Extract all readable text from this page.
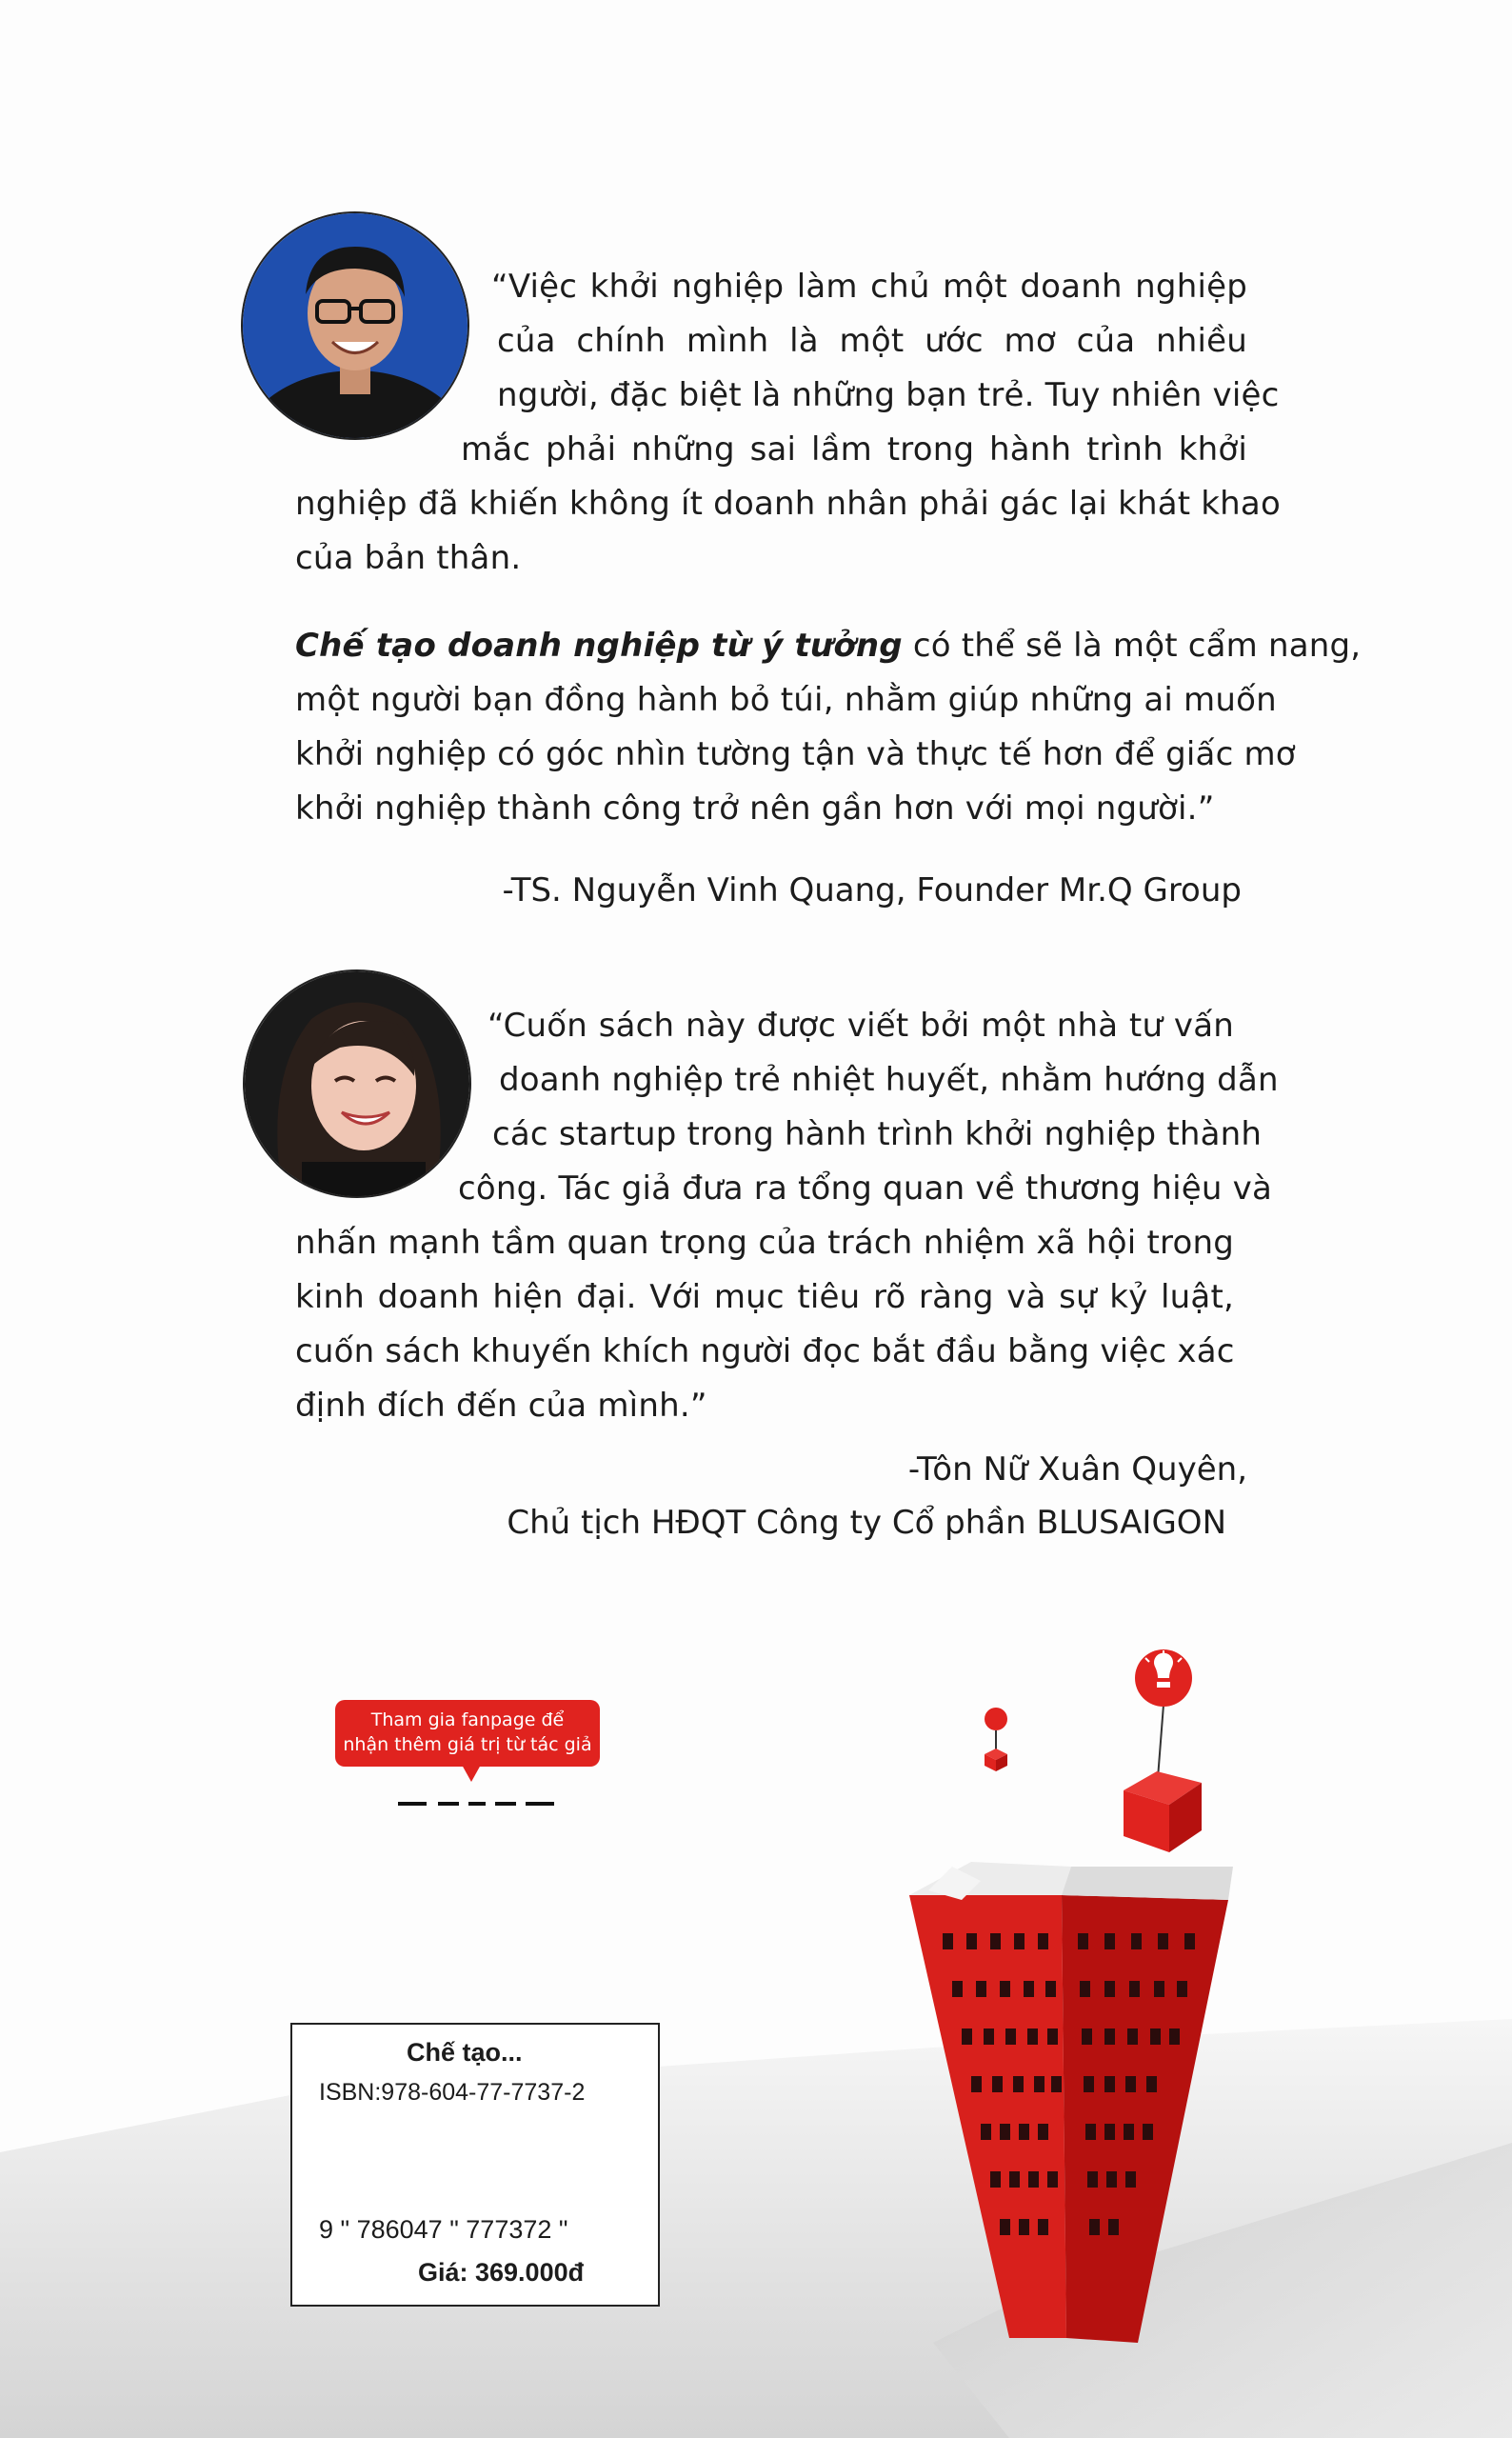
“Việc khởi nghiệp làm chủ một doanh nghiệp
của chính mình là một ước mơ của nhiều
người, đặc biệt là những bạn trẻ. Tuy nhiên việc
mắc phải những sai lầm trong hành trình khởi
nghiệp đã khiến không ít doanh nhân phải gác lại khát khao
của bản thân.
Chế tạo doanh nghiệp từ ý tưởng có thể sẽ là một cẩm nang,
một người bạn đồng hành bỏ túi, nhằm giúp những ai muốn
khởi nghiệp có góc nhìn tường tận và thực tế hơn để giấc mơ
khởi nghiệp thành công trở nên gần hơn với mọi người.”
-TS. Nguyễn Vinh Quang, Founder Mr.Q Group
“Cuốn sách này được viết bởi một nhà tư vấn
doanh nghiệp trẻ nhiệt huyết, nhằm hướng dẫn
các startup trong hành trình khởi nghiệp thành
công. Tác giả đưa ra tổng quan về thương hiệu và
nhấn mạnh tầm quan trọng của trách nhiệm xã hội trong
kinh doanh hiện đại. Với mục tiêu rõ ràng và sự kỷ luật,
cuốn sách khuyến khích người đọc bắt đầu bằng việc xác
định đích đến của mình.”
-Tôn Nữ Xuân Quyên,
Chủ tịch HĐQT Công ty Cổ phần BLUSAIGON
Tham gia fanpage để
nhận thêm giá trị từ tác giả
Chế tạo...
ISBN:978-604-77-7737-2
9 " 786047 " 777372 "
Giá: 369.000đ
